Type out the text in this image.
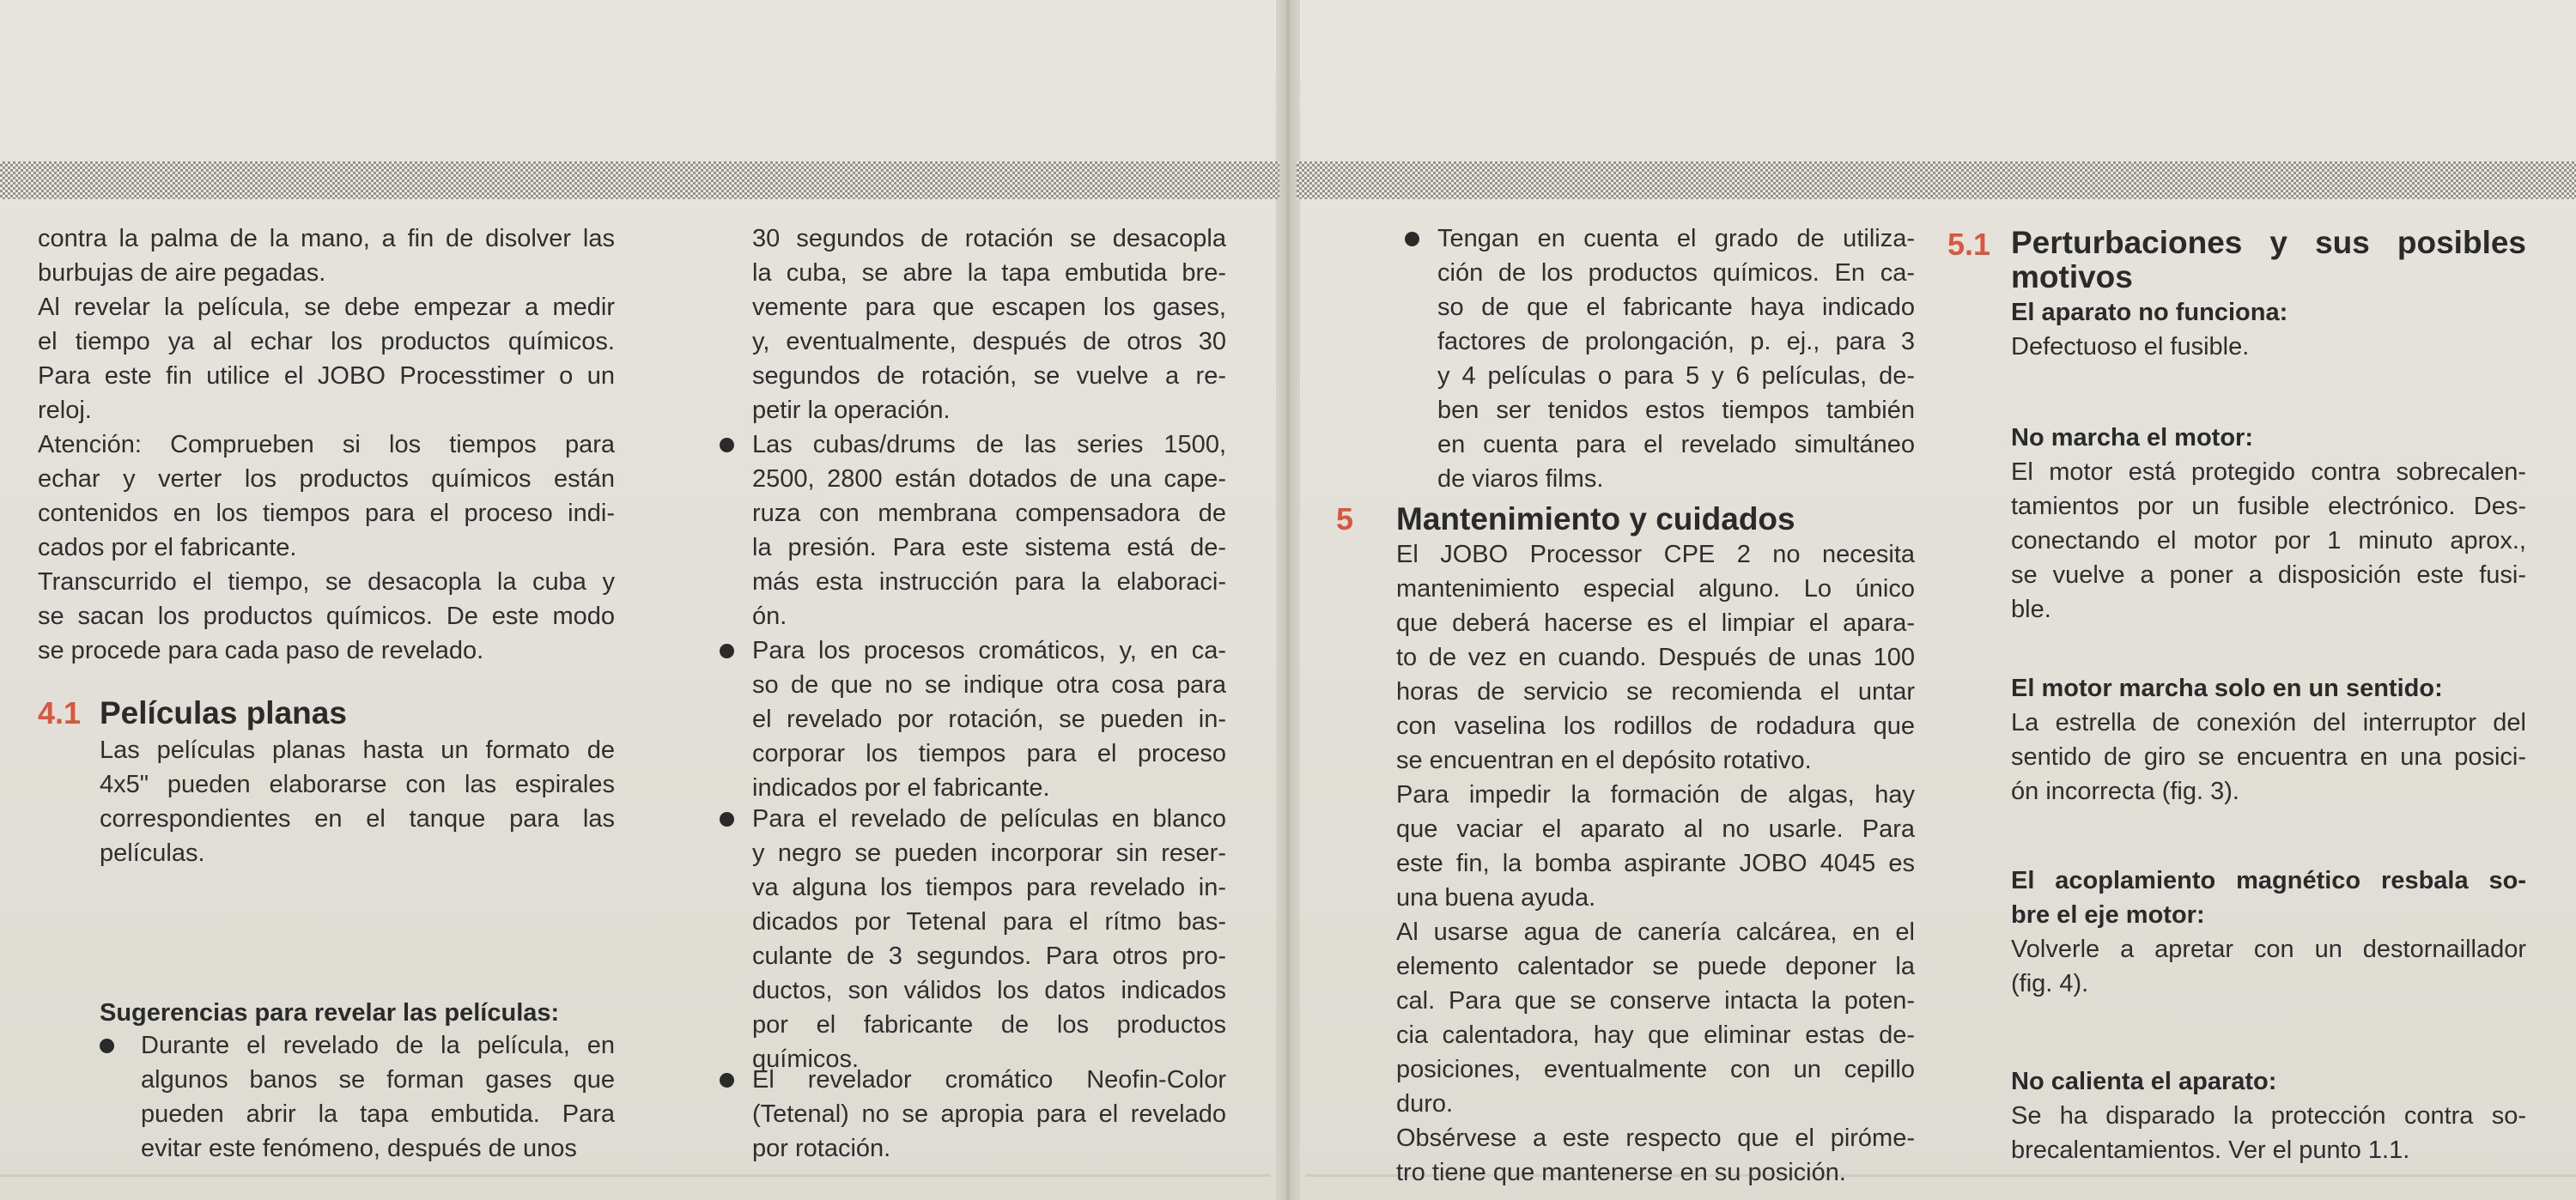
contra la palma de la mano, a fin de disolver las
burbujas de aire pegadas.
Al revelar la película, se debe empezar a medir
el tiempo ya al echar los productos químicos.
Para este fin utilice el JOBO Processtimer o un
reloj.
Atención: Comprueben si los tiempos para
echar y verter los productos químicos están
contenidos en los tiempos para el proceso indi-
cados por el fabricante.
Transcurrido el tiempo, se desacopla la cuba y
se sacan los productos químicos. De este modo
se procede para cada paso de revelado.
4.1 Películas planas
Las películas planas hasta un formato de
4x5" pueden elaborarse con las espirales
correspondientes en el tanque para las
películas.
Sugerencias para revelar las películas:
Durante el revelado de la película, en
algunos banos se forman gases que
pueden abrir la tapa embutida. Para
evitar este fenómeno, después de unos
30 segundos de rotación se desacopla
la cuba, se abre la tapa embutida bre-
vemente para que escapen los gases,
y, eventualmente, después de otros 30
segundos de rotación, se vuelve a re-
petir la operación.
Las cubas/drums de las series 1500,
2500, 2800 están dotados de una cape-
ruza con membrana compensadora de
la presión. Para este sistema está de-
más esta instrucción para la elaboraci-
ón.
Para los procesos cromáticos, y, en ca-
so de que no se indique otra cosa para
el revelado por rotación, se pueden in-
corporar los tiempos para el proceso
indicados por el fabricante.
Para el revelado de películas en blanco
y negro se pueden incorporar sin reser-
va alguna los tiempos para revelado in-
dicados por Tetenal para el rítmo bas-
culante de 3 segundos. Para otros pro-
ductos, son válidos los datos indicados
por el fabricante de los productos
químicos.
El revelador cromático Neofin-Color
(Tetenal) no se apropia para el revelado
por rotación.
Tengan en cuenta el grado de utiliza-
ción de los productos químicos. En ca-
so de que el fabricante haya indicado
factores de prolongación, p. ej., para 3
y 4 películas o para 5 y 6 películas, de-
ben ser tenidos estos tiempos también
en cuenta para el revelado simultáneo
de viaros films.
5 Mantenimiento y cuidados
El JOBO Processor CPE 2 no necesita
mantenimiento especial alguno. Lo único
que deberá hacerse es el limpiar el apara-
to de vez en cuando. Después de unas 100
horas de servicio se recomienda el untar
con vaselina los rodillos de rodadura que
se encuentran en el depósito rotativo.
Para impedir la formación de algas, hay
que vaciar el aparato al no usarle. Para
este fin, la bomba aspirante JOBO 4045 es
una buena ayuda.
Al usarse agua de canería calcárea, en el
elemento calentador se puede deponer la
cal. Para que se conserve intacta la poten-
cia calentadora, hay que eliminar estas de-
posiciones, eventualmente con un cepillo
duro.
Obsérvese a este respecto que el piróme-
tro tiene que mantenerse en su posición.
5.1 Perturbaciones y sus posibles
motivos
El aparato no funciona:
Defectuoso el fusible.
No marcha el motor:
El motor está protegido contra sobrecalen-
tamientos por un fusible electrónico. Des-
conectando el motor por 1 minuto aprox.,
se vuelve a poner a disposición este fusi-
ble.
El motor marcha solo en un sentido:
La estrella de conexión del interruptor del
sentido de giro se encuentra en una posici-
ón incorrecta (fig. 3).
El acoplamiento magnético resbala so-
bre el eje motor:
Volverle a apretar con un destornaillador
(fig. 4).
No calienta el aparato:
Se ha disparado la protección contra so-
brecalentamientos. Ver el punto 1.1.
